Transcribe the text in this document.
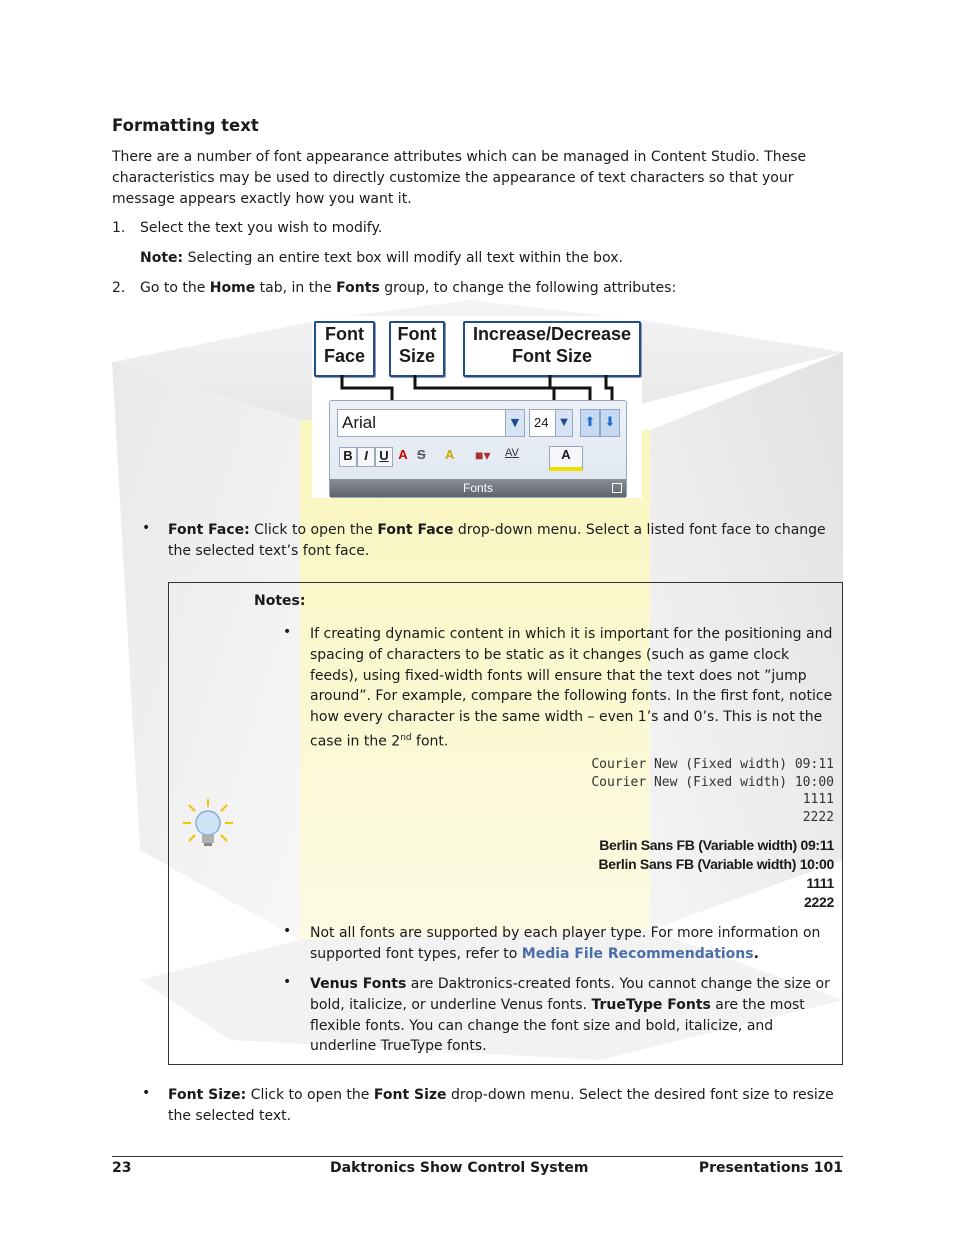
Formatting text
There are a number of font appearance attributes which can be managed in Content Studio. These characteristics may be used to directly customize the appearance of text characters so that your message appears exactly how you want it.
1. Select the text you wish to modify.
Note: Selecting an entire text box will modify all text within the box.
2. Go to the Home tab, in the Fonts group, to change the following attributes:
Font Face
Font Size
Increase/Decrease Font Size
Arial	▼	24	▼	⬆ ⬇
B I U A S	A	■▾	AV	A
Fonts
• Font Face: Click to open the Font Face drop-down menu. Select a listed font face to change the selected text’s font face.
Notes:
• If creating dynamic content in which it is important for the positioning and spacing of characters to be static as it changes (such as game clock feeds), using fixed-width fonts will ensure that the text does not ”jump around”. For example, compare the following fonts. In the first font, notice how every character is the same width – even 1’s and 0’s. This is not the case in the 2nd font.
Courier New (Fixed width) 09:11
Courier New (Fixed width) 10:00
1111
2222
Berlin Sans FB (Variable width) 09:11
Berlin Sans FB (Variable width) 10:00
1111
2222
• Not all fonts are supported by each player type. For more information on supported font types, refer to Media File Recommendations.
• Venus Fonts are Daktronics-created fonts. You cannot change the size or bold, italicize, or underline Venus fonts. TrueType Fonts are the most flexible fonts. You can change the font size and bold, italicize, and underline TrueType fonts.
• Font Size: Click to open the Font Size drop-down menu. Select the desired font size to resize the selected text.
23	Daktronics Show Control System	Presentations 101
